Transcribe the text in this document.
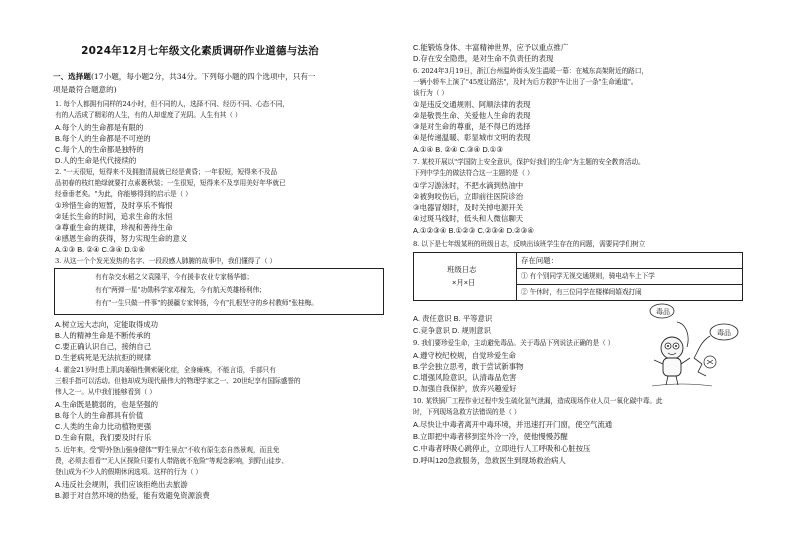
2024年12月七年级文化素质调研作业道德与法治
一、选择题(17小题，每小题2分，共34分。下列每小题的四个选项中，只有一
项是最符合题意的)
1. 每个人都拥有同样的24小时，但不同的人，选择不同、经历不同、心态不同，
有的人活成了精彩的人生，有的人却虚度了光阴。人生有其（ ）
A.每个人的生命都是有限的
B.每个人的生命都是不可逆的
C.每个人的生命都是独特的
D.人的生命是代代接续的
2. "一天很短，短得来不及拥抱清晨就已经是黄昏；一年很短，短得来不及品
品初春的枝红艳绿就要打点素裹秋装；一生很短，短得来不及享用美好年华就已
经垂垂老矣。"为此，你能够得到的启示是（ ）
①珍惜生命的短暂，及时享乐不悔恨
②延长生命的时间，追求生命的永恒
③尊重生命的规律，珍视和善待生命
④感恩生命的获得，努力实现生命的意义
A.①③ B. ②④ C.③④ D.①④
3. 从这一个个发光发热的名字、一段段感人肺腑的故事中，我们懂得了（ ）
有有杂交水稻之父袁隆平，今有援非农业专家杨华德；
有有"两弹一星"功勋科学家邓稼先，今有航天英雄杨利伟；
有有"一生只做一件事"的援疆专家钟扬，今有"扎根坚守的乡村教师"张桂梅。
A.树立远大志向，定能取得成功
B.人的精神生命是不断传承的
C.要正确认识自己，接纳自己
D.生老病死是无法抗拒的规律
4. 霍金21岁时患上肌肉萎缩性侧索硬化症，全身瘫痪，不能言语，手部只有
三根手指可以活动。但他却成为现代最伟大的物理学家之一、20世纪享有国际盛誉的
伟人之一。从中我们能够看到（ ）
A.生命既是脆弱的，也是坚强的
B.每个人的生命都具有价值
C.人类的生命力比动植物更强
D.生命有限，我们要及时行乐
5. 近年来，受"野外登山强身健体""野生景点"不收有原生态自然景观，而且免
费，必须去看看""无人区探险只要有人带路就不危险"等观念影响，到野山徒步、
登山成为不少人的假期休闲选项。这样的行为（ ）
A.违反社会规则，我们应该拒绝出去旅游
B.源于对自然环境的热爱，能有效避免资源浪费
C.能锻炼身体、丰富精神世界，应予以重点推广
D.存在安全隐患，是对生命不负责任的表现
6. 2024年3月19日，浙江台州温岭街头发生温暖一幕：在城东高架附近的路口，
一辆小轿车上演了"45度让路法"，及时为后方救护车让出了一条"生命通道"。
该行为（ ）
①是违反交通规则、阿顺法律的表现
②是敬畏生命、关爱他人生命的表现
③是对生命的尊重，是不得已的选择
④是传递温暖、彰显城市文明的表现
A.①④ B. ②④ C.③④ D.①③
7. 某校开展以"学国防上安全意识，保护好我们的生命"为主题的安全教育活动。
下列中学生的做法符合这一主题的是（ ）
①学习游泳时，不把水滴到热油中
②被狗咬伤后，立即前往医院诊治
③电器冒烟时，及时关掉电源开关
④过斑马线时，低头和人微信聊天
A.①②③④ B.①②③ C.②③④ D.②③④
8. 以下是七年级某班的班级日志，反映出该班学生存在的问题，需要同学们树立
班级日志
×月×日
存在问题：
① 有个别同学无视交通规则，骑电动车上下学
② 午休时，有三位同学在楼梯间嬉戏打闹
A. 责任意识 B. 平等意识
C.竞争意识 D. 规则意识
9. 我们要珍爱生命，主动避免毒品。关于毒品下列说法正确的是（ ）
A.遵守校纪校规，自觉珍爱生命
B.学会独立思考，敢于尝试新事物
C.增强风险意识，认清毒品危害
D.加强自我保护，放弃兴趣爱好
毒品
毒品
10. 某铁锅厂工程作业过程中发生硫化氢气泄漏，造成现场作业人员一氧化碳中毒。此
时，下列现场急救方法错误的是（ ）
A.尽快让中毒者离开中毒环境，并迅速打开门窗，使空气流通
B.立即把中毒者移到室外冷一冷，使他慢慢苏醒
C.中毒者呼吸心跳停止，立即进行人工呼吸和心脏按压
D.呼叫120急救服务，急救医生到现场救治病人
